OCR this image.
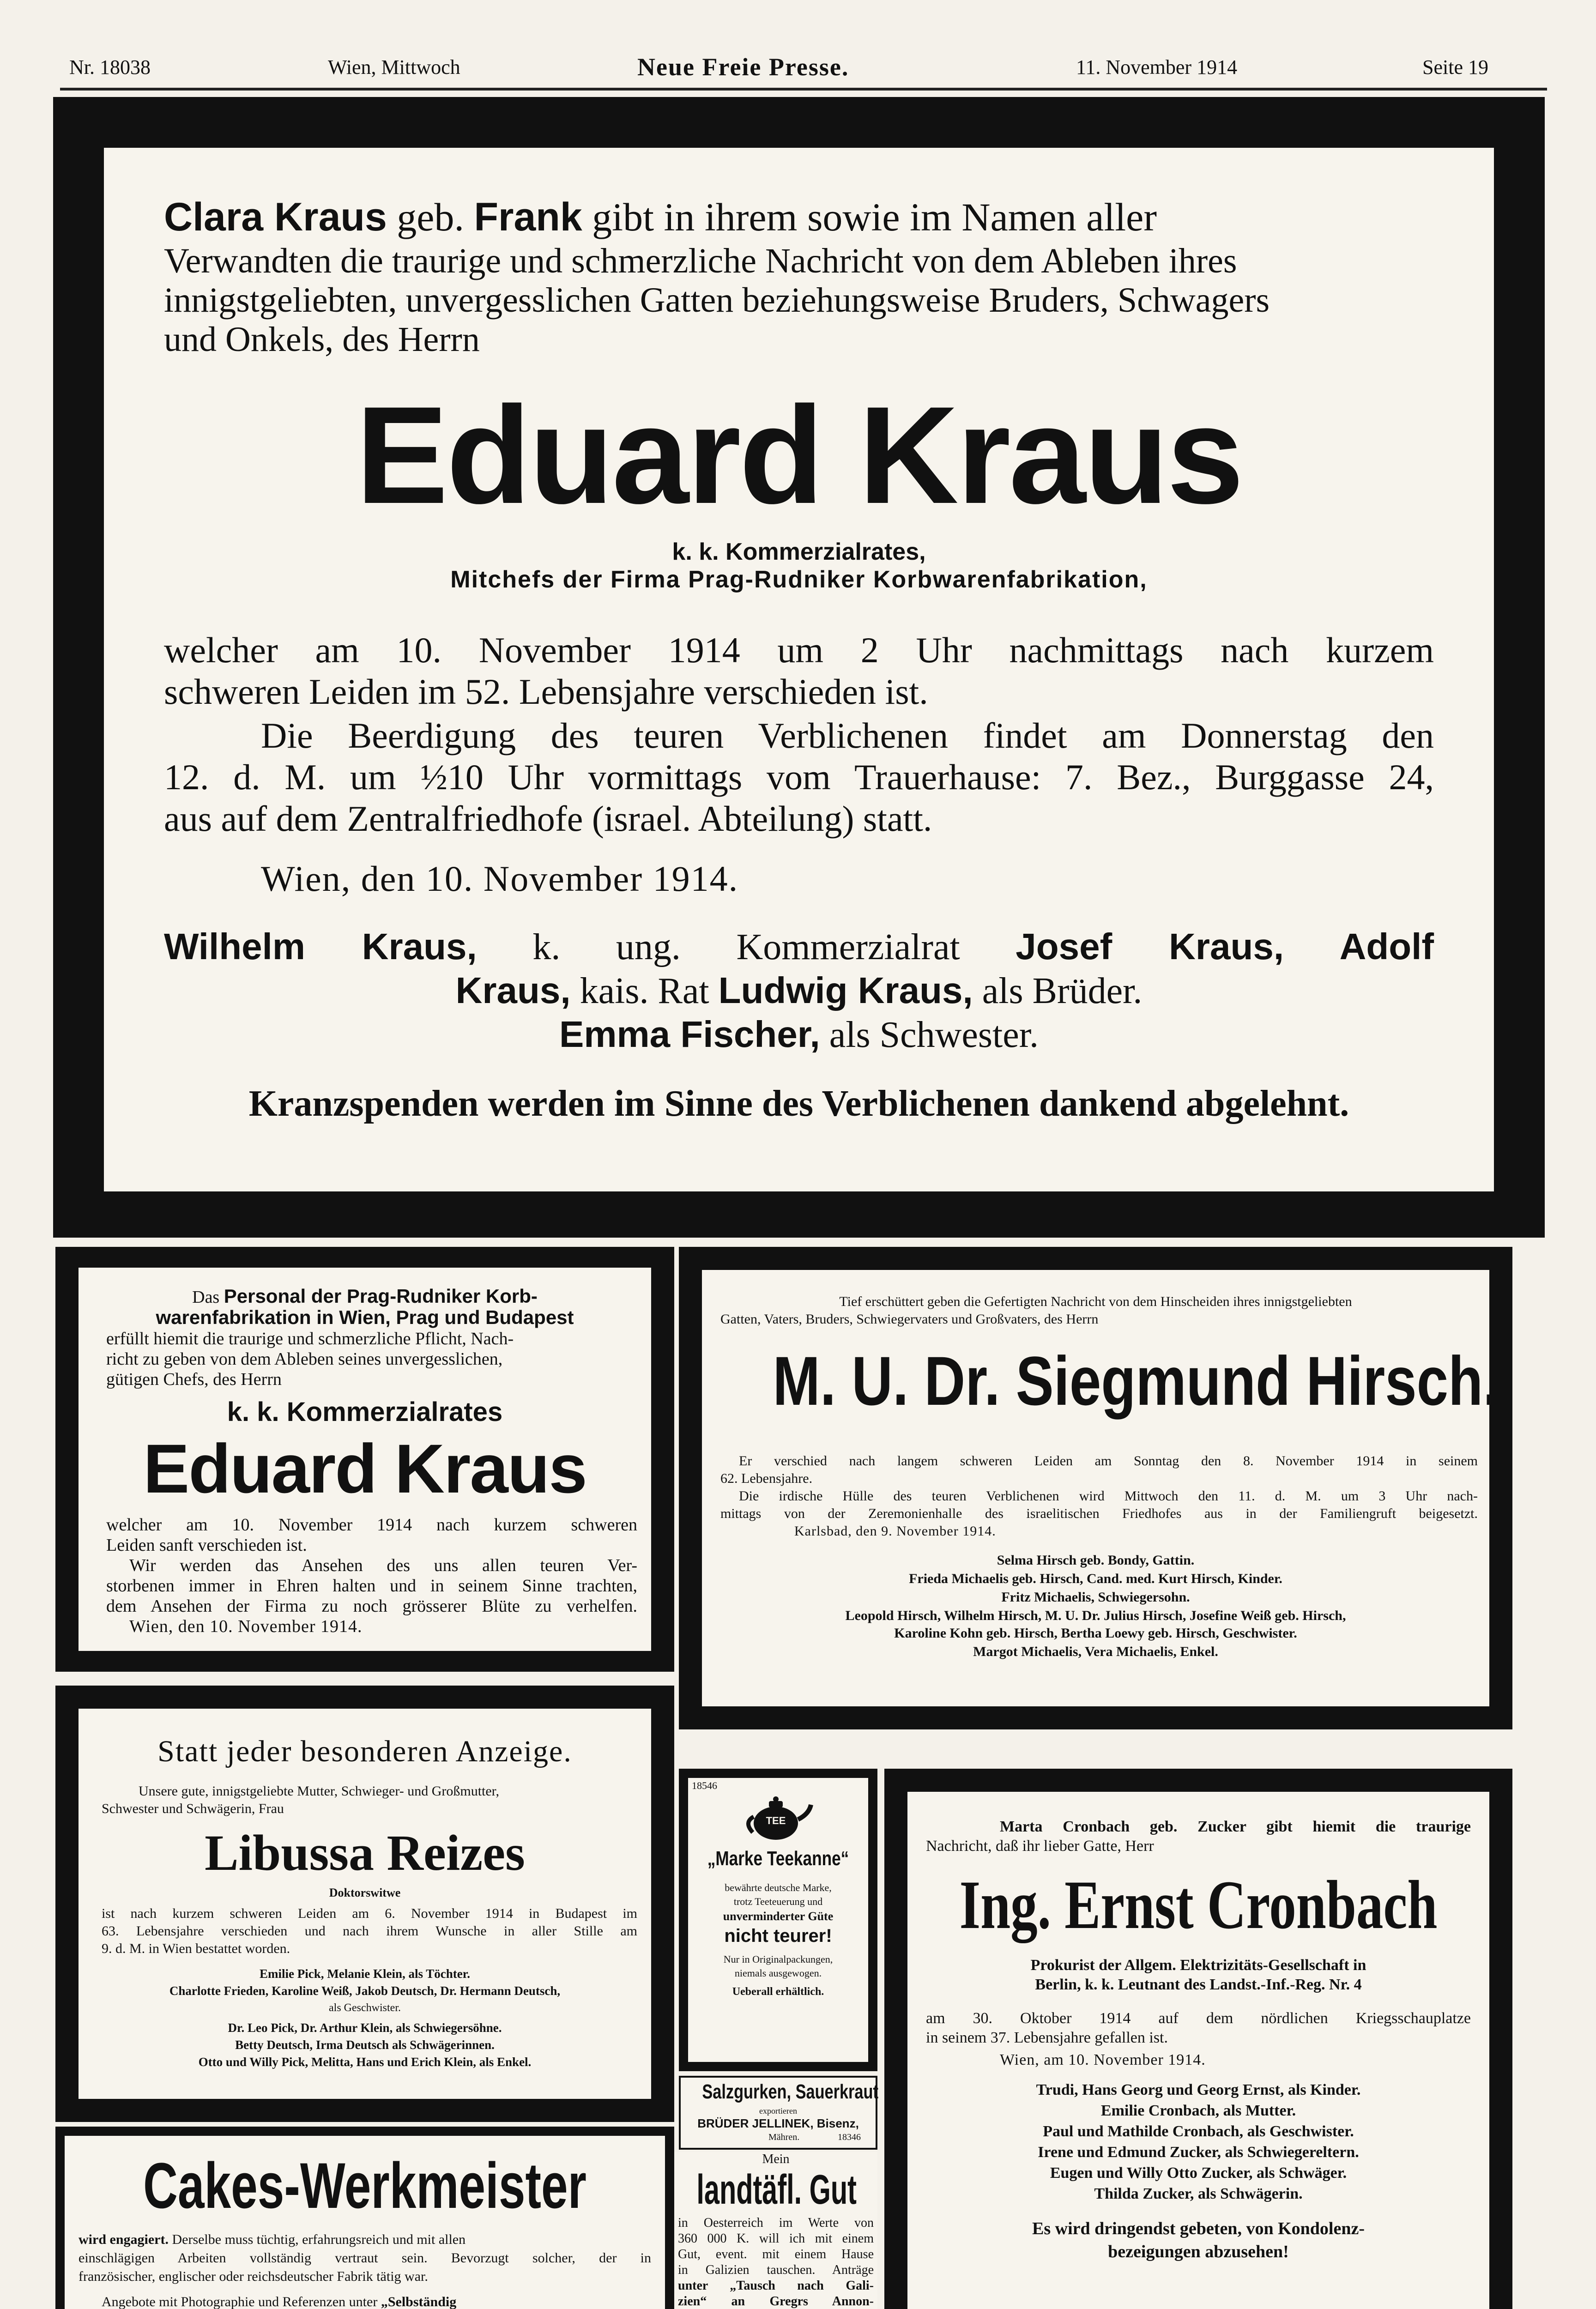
Nr. 18038	Wien, Mittwoch	Neue Freie Presse.	11. November 1914	Seite 19
Clara Kraus geb. Frank gibt in ihrem sowie im Namen aller
Verwandten die traurige und schmerzliche Nachricht von dem Ableben ihres
innigstgeliebten, unvergesslichen Gatten beziehungsweise Bruders, Schwagers
und Onkels, des Herrn
Eduard Kraus
k. k. Kommerzialrates,
Mitchefs der Firma Prag-Rudniker Korbwarenfabrikation,
welcher am 10. November 1914 um 2 Uhr nachmittags nach kurzem
schweren Leiden im 52. Lebensjahre verschieden ist.
Die Beerdigung des teuren Verblichenen findet am Donnerstag den
12. d. M. um ½10 Uhr vormittags vom Trauerhause: 7. Bez., Burggasse 24,
aus auf dem Zentralfriedhofe (israel. Abteilung) statt.
Wien, den 10. November 1914.
Wilhelm Kraus, k. ung. Kommerzialrat Josef Kraus, Adolf
Kraus, kais. Rat Ludwig Kraus, als Brüder.
Emma Fischer, als Schwester.
Kranzspenden werden im Sinne des Verblichenen dankend abgelehnt.
Das Personal der Prag-Rudniker Korb-
warenfabrikation in Wien, Prag und Budapest
erfüllt hiemit die traurige und schmerzliche Pflicht, Nach-
richt zu geben von dem Ableben seines unvergesslichen,
gütigen Chefs, des Herrn
k. k. Kommerzialrates
Eduard Kraus
welcher am 10. November 1914 nach kurzem schweren
Leiden sanft verschieden ist.
Wir werden das Ansehen des uns allen teuren Ver-
storbenen immer in Ehren halten und in seinem Sinne trachten,
dem Ansehen der Firma zu noch grösserer Blüte zu verhelfen.
Wien, den 10. November 1914.
Tief erschüttert geben die Gefertigten Nachricht von dem Hinscheiden ihres innigstgeliebten
Gatten, Vaters, Bruders, Schwiegervaters und Großvaters, des Herrn
M. U. Dr. Siegmund Hirsch.
Er verschied nach langem schweren Leiden am Sonntag den 8. November 1914 in seinem
62. Lebensjahre.
Die irdische Hülle des teuren Verblichenen wird Mittwoch den 11. d. M. um 3 Uhr nach-
mittags von der Zeremonienhalle des israelitischen Friedhofes aus in der Familiengruft beigesetzt.
Karlsbad, den 9. November 1914.
Selma Hirsch geb. Bondy, Gattin.
Frieda Michaelis geb. Hirsch, Cand. med. Kurt Hirsch, Kinder.
Fritz Michaelis, Schwiegersohn.
Leopold Hirsch, Wilhelm Hirsch, M. U. Dr. Julius Hirsch, Josefine Weiß geb. Hirsch,
Karoline Kohn geb. Hirsch, Bertha Loewy geb. Hirsch, Geschwister.
Margot Michaelis, Vera Michaelis, Enkel.
Statt jeder besonderen Anzeige.
Unsere gute, innigstgeliebte Mutter, Schwieger- und Großmutter,
Schwester und Schwägerin, Frau
Libussa Reizes
Doktorswitwe
ist nach kurzem schweren Leiden am 6. November 1914 in Budapest im
63. Lebensjahre verschieden und nach ihrem Wunsche in aller Stille am
9. d. M. in Wien bestattet worden.
Emilie Pick, Melanie Klein, als Töchter.
Charlotte Frieden, Karoline Weiß, Jakob Deutsch, Dr. Hermann Deutsch,
als Geschwister.
Dr. Leo Pick, Dr. Arthur Klein, als Schwiegersöhne.
Betty Deutsch, Irma Deutsch als Schwägerinnen.
Otto und Willy Pick, Melitta, Hans und Erich Klein, als Enkel.
18546
TEE
„Marke Teekanne“
bewährte deutsche Marke,
trotz Teeteuerung und
unverminderter Güte
nicht teurer!
Nur in Originalpackungen,
niemals ausgewogen.
Ueberall erhältlich.
Salzgurken, Sauerkraut
exportieren
BRÜDER JELLINEK, Bisenz,
Mähren.	18346
Mein
landtäfl. Gut
in Oesterreich im Werte von
360 000 K. will ich mit einem
Gut, event. mit einem Hause
in Galizien tauschen. Anträge
unter „Tausch nach Gali-
zien“ an Gregrs Annon-
Marta Cronbach geb. Zucker gibt hiemit die traurige
Nachricht, daß ihr lieber Gatte, Herr
Ing. Ernst Cronbach
Prokurist der Allgem. Elektrizitäts-Gesellschaft in
Berlin, k. k. Leutnant des Landst.-Inf.-Reg. Nr. 4
am 30. Oktober 1914 auf dem nördlichen Kriegsschauplatze
in seinem 37. Lebensjahre gefallen ist.
Wien, am 10. November 1914.
Trudi, Hans Georg und Georg Ernst, als Kinder.
Emilie Cronbach, als Mutter.
Paul und Mathilde Cronbach, als Geschwister.
Irene und Edmund Zucker, als Schwiegereltern.
Eugen und Willy Otto Zucker, als Schwäger.
Thilda Zucker, als Schwägerin.
Es wird dringendst gebeten, von Kondolenz-
bezeigungen abzusehen!
Cakes-Werkmeister
wird engagiert. Derselbe muss tüchtig, erfahrungsreich und mit allen
einschlägigen Arbeiten vollständig vertraut sein. Bevorzugt solcher, der in
französischer, englischer oder reichsdeutscher Fabrik tätig war.
Angebote mit Photographie und Referenzen unter „Selbständig
